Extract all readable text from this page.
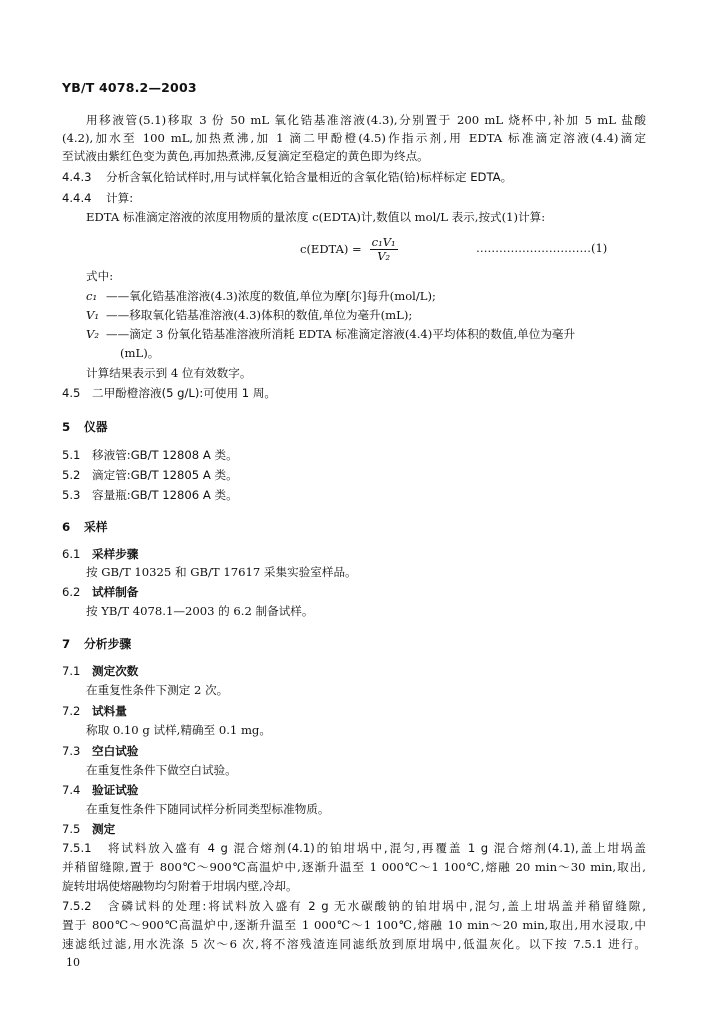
YB/T 4078.2—2003
用移液管(5.1)移取 3 份 50 mL 氧化锆基准溶液(4.3),分别置于 200 mL 烧杯中,补加 5 mL 盐酸
(4.2),加水至 100 mL,加热煮沸,加 1 滴二甲酚橙(4.5)作指示剂,用 EDTA 标准滴定溶液(4.4)滴定
至试液由紫红色变为黄色,再加热煮沸,反复滴定至稳定的黄色即为终点。
4.4.3 分析含氧化铪试样时,用与试样氧化铪含量相近的含氧化锆(铪)标样标定 EDTA。
4.4.4 计算:
EDTA 标准滴定溶液的浓度用物质的量浓度 c(EDTA)计,数值以 mol/L 表示,按式(1)计算:
c(EDTA) = $\frac{\text{c₁V₁}}{\text{V₂}}$	…………………………(1)
式中:
c₁ ——氧化锆基准溶液(4.3)浓度的数值,单位为摩[尔]每升(mol/L);
V₁ ——移取氧化锆基准溶液(4.3)体积的数值,单位为毫升(mL);
V₂ ——滴定 3 份氧化锆基准溶液所消耗 EDTA 标准滴定溶液(4.4)平均体积的数值,单位为毫升
(mL)。
计算结果表示到 4 位有效数字。
4.5 二甲酚橙溶液(5 g/L):可使用 1 周。
5 仪器
5.1 移液管:GB/T 12808 A 类。
5.2 滴定管:GB/T 12805 A 类。
5.3 容量瓶:GB/T 12806 A 类。
6 采样
6.1 采样步骤
按 GB/T 10325 和 GB/T 17617 采集实验室样品。
6.2 试样制备
按 YB/T 4078.1—2003 的 6.2 制备试样。
7 分析步骤
7.1 测定次数
在重复性条件下测定 2 次。
7.2 试料量
称取 0.10 g 试样,精确至 0.1 mg。
7.3 空白试验
在重复性条件下做空白试验。
7.4 验证试验
在重复性条件下随同试样分析同类型标准物质。
7.5 测定
7.5.1 将试料放入盛有 4 g 混合熔剂(4.1)的铂坩埚中,混匀,再覆盖 1 g 混合熔剂(4.1),盖上坩埚盖
并稍留缝隙,置于 800℃～900℃高温炉中,逐渐升温至 1 000℃～1 100℃,熔融 20 min～30 min,取出,
旋转坩埚使熔融物均匀附着于坩埚内壁,冷却。
7.5.2 含磷试料的处理:将试料放入盛有 2 g 无水碳酸钠的铂坩埚中,混匀,盖上坩埚盖并稍留缝隙,
置于 800℃～900℃高温炉中,逐渐升温至 1 000℃～1 100℃,熔融 10 min～20 min,取出,用水浸取,中
速滤纸过滤,用水洗涤 5 次～6 次,将不溶残渣连同滤纸放到原坩埚中,低温灰化。以下按 7.5.1 进行。
10
